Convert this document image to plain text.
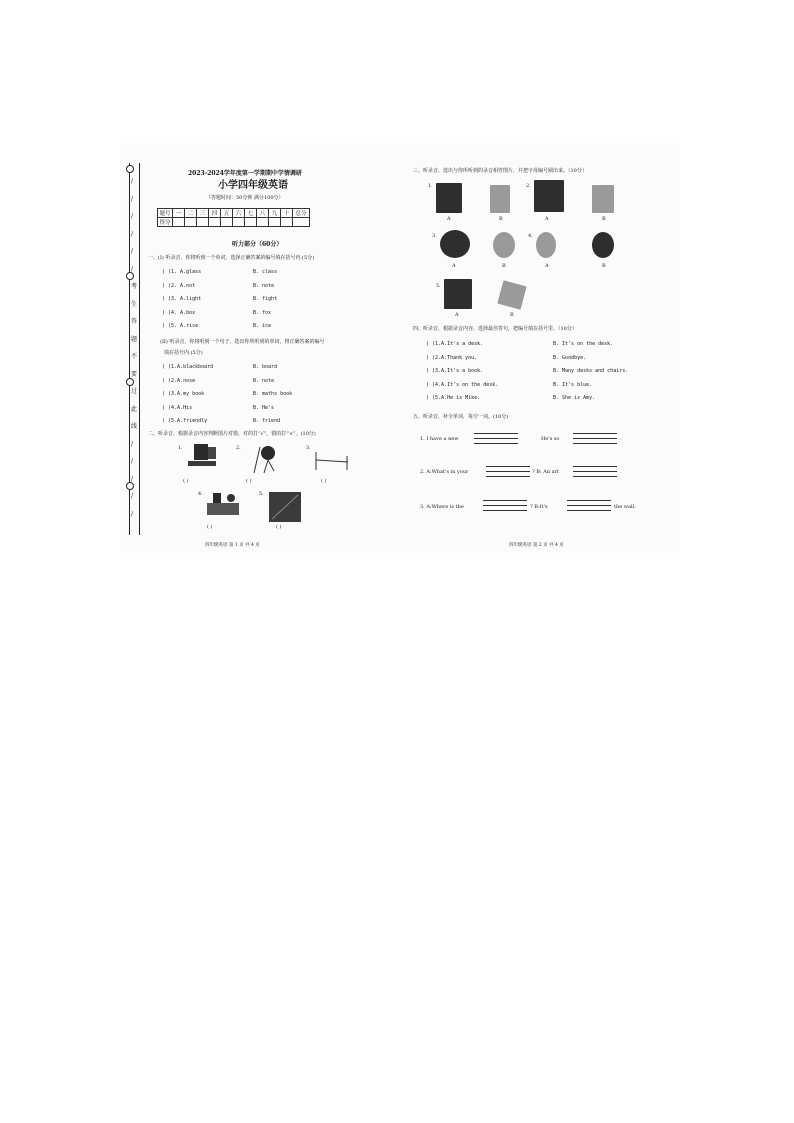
/
/
/
/
/
/
考
生
答
题
不
要
过
此
线
/
/
/
/
/
2023-2024学年度第一学期期中学情调研
小学四年级英语
（答题时间：50分钟 满分100分）
题号	一	二	三	四	五	六	七	八	九	十	总分
得分											
听力部分（60分）
一、(I) 听录音，你将听到一个单词，选择正确答案的编号填在括号内.(5分)
( )1. A.glass	B. class
( )2. A.not	B. note
( )3. A.light	B. fight
( )4. A.box	B. fox
( )5. A.rice	B. ice
(II) 听录音，你将听到一个句子，选出你所听到的单词，将正确答案的编号
填在括号内.(5分)
( )1.A.blackboard	B. board
( )2.A.nose	B. note
( )3.A.my book	B. maths book
( )4.A.His	B. He's
( )5.A.friendly	B. friend
二、听录音，根据录音内容判断图片对错，对的打“√”，错的打“×”。(10分)
1.	2.	3.
4.	5.
( )	( )	( )
( )	( )
四年级英语 第 1 页 共 4 页
三、听录音，选出与你所听到的录音相符图片，并把字母编号圈出来。（10分）
1.	2.
3.	4.
5.
A	B	A	B
A	B	A	B
A	B
四、听录音，根据录音内容，选择最佳答句，把编号填在括号里。（10分）
( )1.A.It's a desk.	B. It's on the desk.
( )2.A.Thank you.	B. Goodbye.
( )3.A.It's a book.	B. Many desks and chairs.
( )4.A.It's on the desk.	B. It's blue.
( )5.A.He is Mike.	B. She is Amy.
五、听录音，补全单词，每空一词。(10分)
1. I have a new	He's so	.
2. A:What's in your	? B: An art	.
3. A:Where is the	? B:It's	the wall.
四年级英语 第 2 页 共 4 页
